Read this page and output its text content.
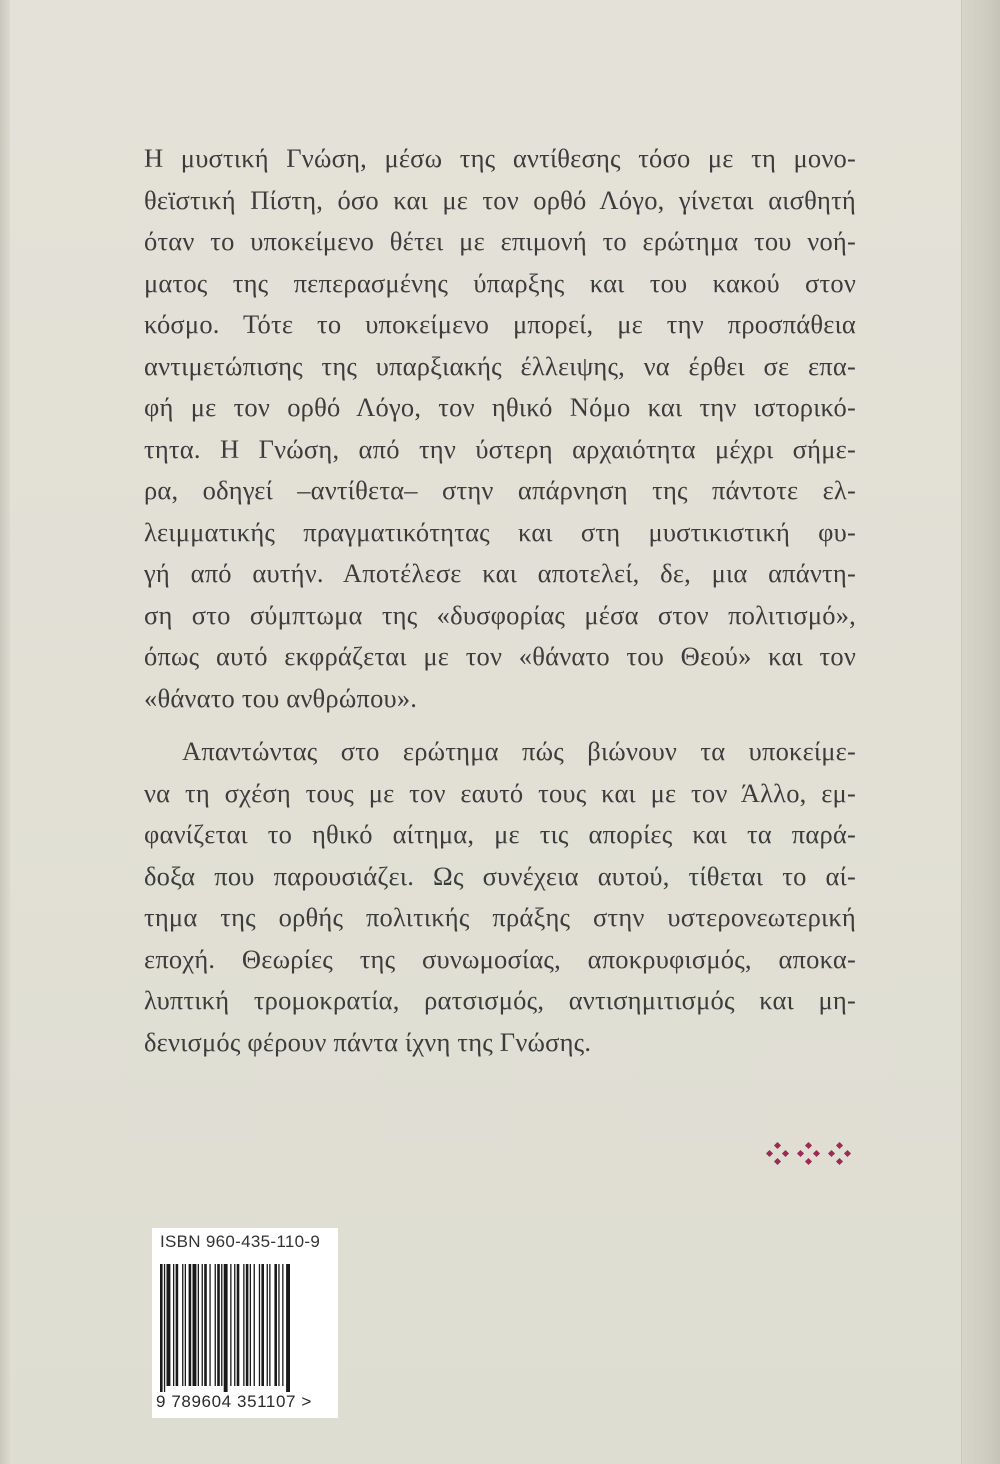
Η μυστική Γνώση, μέσω της αντίθεσης τόσο με τη μονο-
θεϊστική Πίστη, όσο και με τον ορθό Λόγο, γίνεται αισθητή
όταν το υποκείμενο θέτει με επιμονή το ερώτημα του νοή-
ματος της πεπερασμένης ύπαρξης και του κακού στον
κόσμο. Τότε το υποκείμενο μπορεί, με την προσπάθεια
αντιμετώπισης της υπαρξιακής έλλειψης, να έρθει σε επα-
φή με τον ορθό Λόγο, τον ηθικό Νόμο και την ιστορικό-
τητα. Η Γνώση, από την ύστερη αρχαιότητα μέχρι σήμε-
ρα, οδηγεί –αντίθετα– στην απάρνηση της πάντοτε ελ-
λειμματικής πραγματικότητας και στη μυστικιστική φυ-
γή από αυτήν. Αποτέλεσε και αποτελεί, δε, μια απάντη-
ση στο σύμπτωμα της «δυσφορίας μέσα στον πολιτισμό»,
όπως αυτό εκφράζεται με τον «θάνατο του Θεού» και τον
«θάνατο του ανθρώπου».
Απαντώντας στο ερώτημα πώς βιώνουν τα υποκείμε-
να τη σχέση τους με τον εαυτό τους και με τον Άλλο, εμ-
φανίζεται το ηθικό αίτημα, με τις απορίες και τα παρά-
δοξα που παρουσιάζει. Ως συνέχεια αυτού, τίθεται το αί-
τημα της ορθής πολιτικής πράξης στην υστερονεωτερική
εποχή. Θεωρίες της συνωμοσίας, αποκρυφισμός, αποκα-
λυπτική τρομοκρατία, ρατσισμός, αντισημιτισμός και μη-
δενισμός φέρουν πάντα ίχνη της Γνώσης.
ISBN 960-435-110-9
9 789604 351107 >
